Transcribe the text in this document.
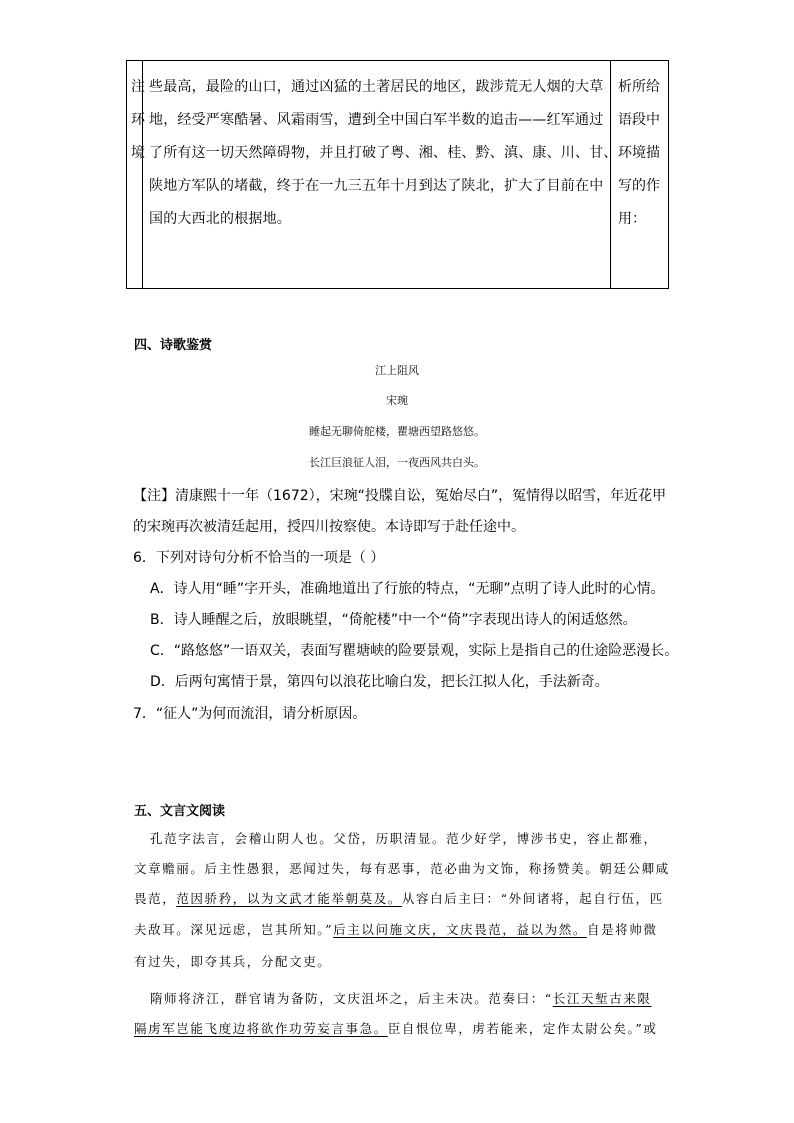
注
环
境
些最高，最险的山口，通过凶猛的土著居民的地区，跋涉荒无人烟的大草
地，经受严寒酷暑、风霜雨雪，遭到全中国白军半数的追击——红军通过
了所有这一切天然障碍物，并且打破了粤、湘、桂、黔、滇、康、川、甘、
陕地方军队的堵截，终于在一九三五年十月到达了陕北，扩大了目前在中
国的大西北的根据地。
析所给
语段中
环境描
写的作
用：
四、诗歌鉴赏
江上阻风
宋琬
睡起无聊倚舵楼，瞿塘西望路悠悠。
长江巨浪征人泪，一夜西风共白头。
【注】清康熙十一年（1672），宋琬“投牒自讼，冤始尽白”，冤情得以昭雪，年近花甲
的宋琬再次被清廷起用，授四川按察使。本诗即写于赴任途中。
6．下列对诗句分析不恰当的一项是（ ）
A．诗人用“睡”字开头，准确地道出了行旅的特点，“无聊”点明了诗人此时的心情。
B．诗人睡醒之后，放眼眺望，“倚舵楼”中一个“倚”字表现出诗人的闲适悠然。
C．“路悠悠”一语双关，表面写瞿塘峡的险要景观，实际上是指自己的仕途险恶漫长。
D．后两句寓情于景，第四句以浪花比喻白发，把长江拟人化，手法新奇。
7．“征人”为何而流泪，请分析原因。
五、文言文阅读
孔范字法言，会稽山阴人也。父岱，历职清显。范少好学，博涉书史，容止都雅，
文章赡丽。后主性愚狠，恶闻过失，每有恶事，范必曲为文饰，称扬赞美。朝廷公卿咸
畏范，范因骄矜，以为文武才能举朝莫及。从容白后主曰：“外间诸将，起自行伍，匹
夫敌耳。深见远虑，岂其所知。”后主以问施文庆，文庆畏范，益以为然。自是将帅微
有过失，即夺其兵，分配文吏。
隋师将济江，群官请为备防，文庆沮坏之，后主未决。范奏曰：“长江天堑古来限
隔虏军岂能飞度边将欲作功劳妄言事急。臣自恨位卑，虏若能来，定作太尉公矣。”或
